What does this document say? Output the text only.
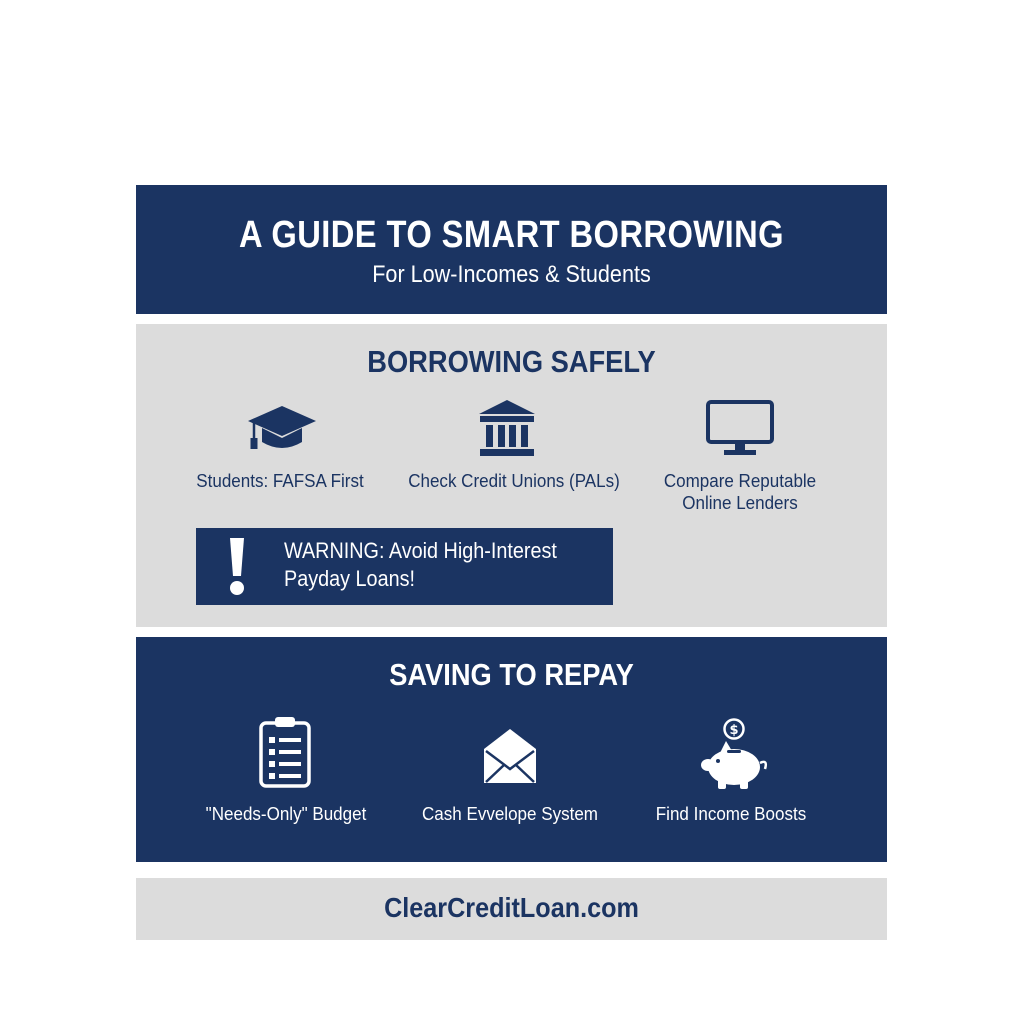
A GUIDE TO SMART BORROWING
For Low-Incomes & Students
BORROWING SAFELY
Students: FAFSA First	Check Credit Unions (PALs)	Compare Reputable
Online Lenders
WARNING: Avoid High-Interest
Payday Loans!
SAVING TO REPAY
"Needs-Only" Budget	Cash Evvelope System
$
Find Income Boosts
ClearCreditLoan.com
